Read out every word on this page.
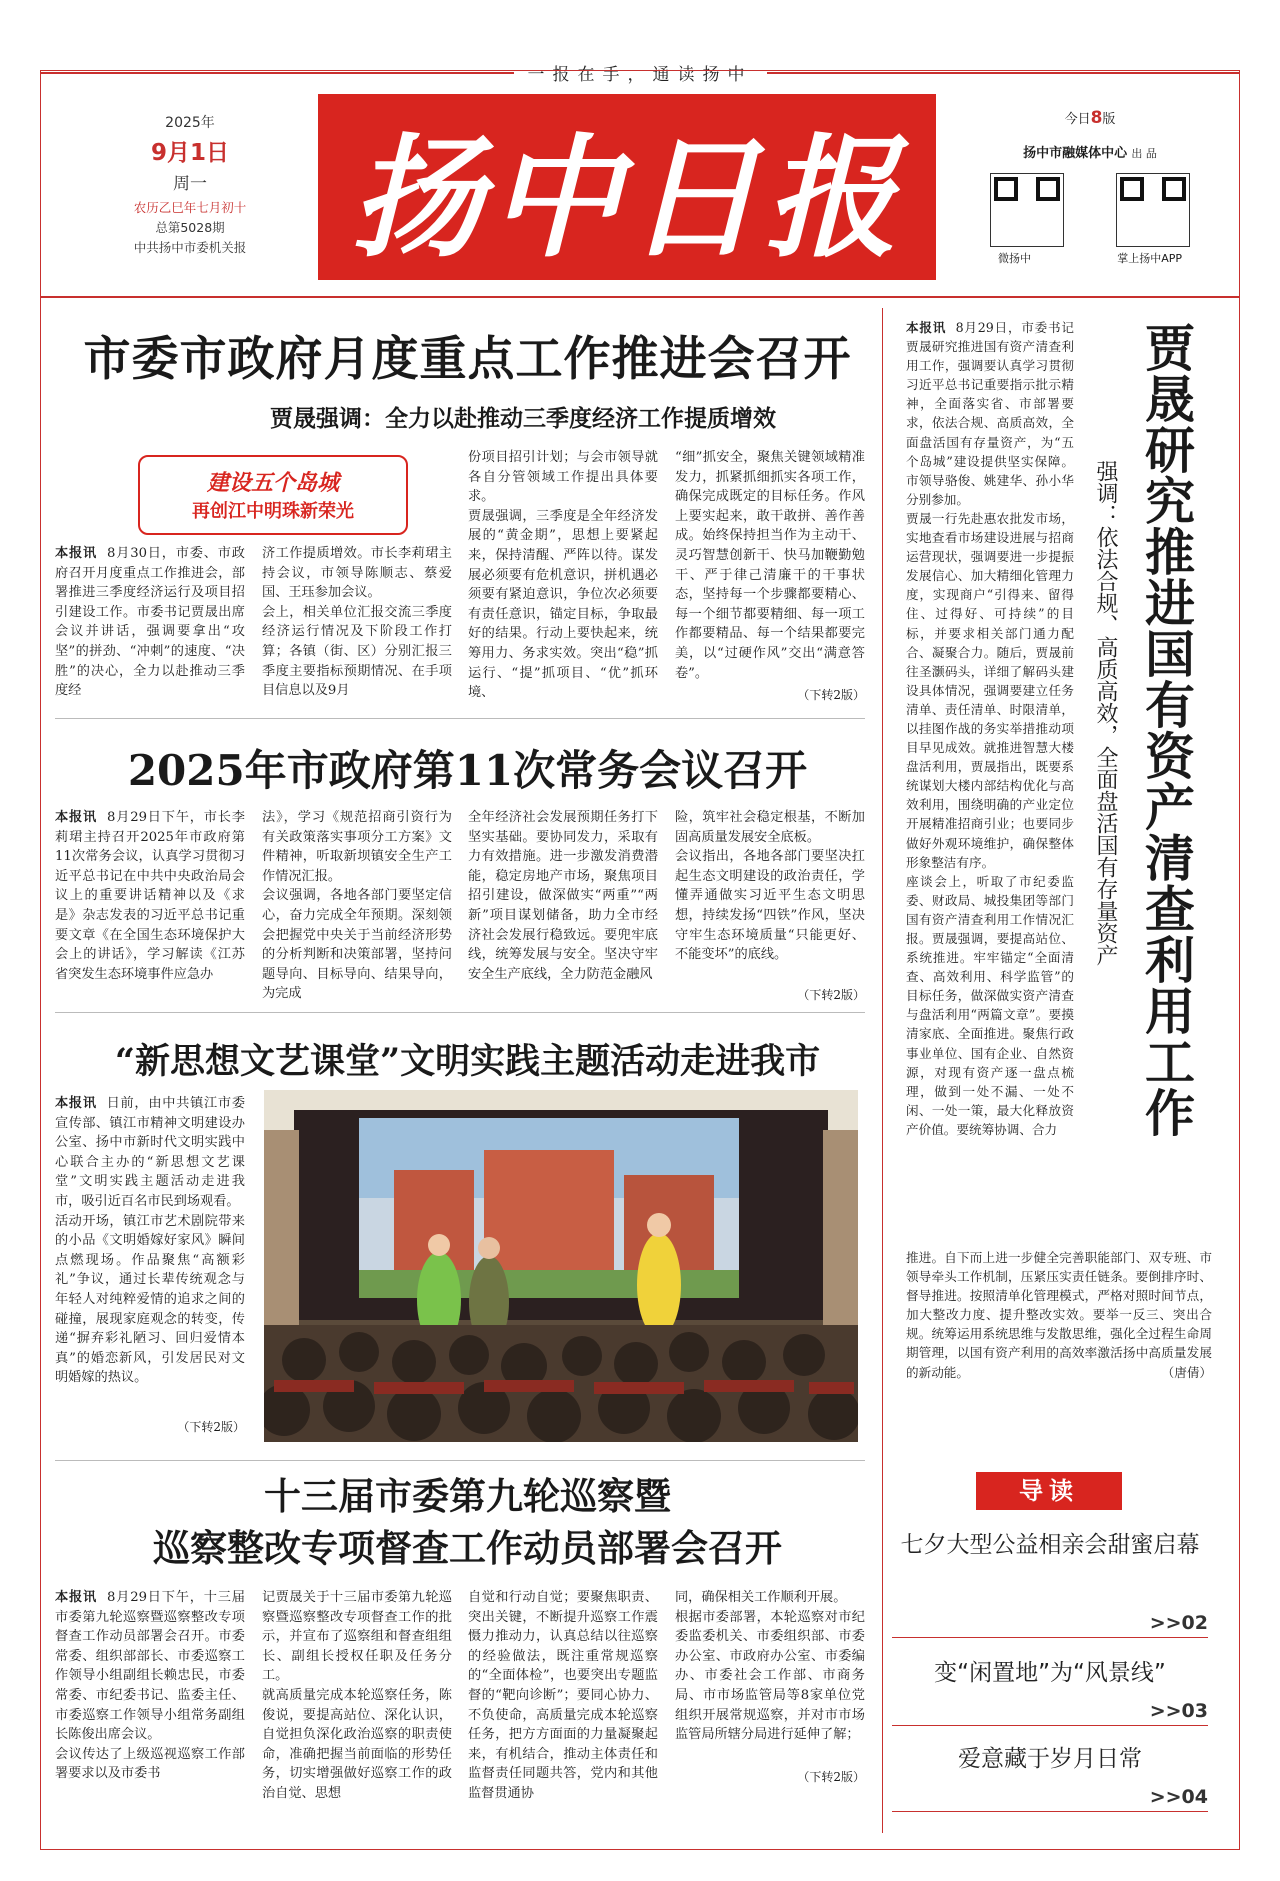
一报在手，通读扬中
2025年
9月1日
周一
农历乙巳年七月初十
总第5028期
中共扬中市委机关报 扬中日报
今日8版
扬中市融媒体中心 出 品
微扬中	掌上扬中APP
市委市政府月度重点工作推进会召开
贾晟强调：全力以赴推动三季度经济工作提质增效
建设五个岛城
再创江中明珠新荣光
本报讯 8月30日，市委、市政府召开月度重点工作推进会，部署推进三季度经济运行及项目招引建设工作。市委书记贾晟出席会议并讲话，强调要拿出“攻坚”的拼劲、“冲刺”的速度、“决胜”的决心，全力以赴推动三季度经
济工作提质增效。市长李莉珺主持会议，市领导陈顺志、蔡爱国、王珏参加会议。
会上，相关单位汇报交流三季度经济运行情况及下阶段工作打算；各镇（街、区）分别汇报三季度主要指标预期情况、在手项目信息以及9月
份项目招引计划；与会市领导就各自分管领域工作提出具体要求。
贾晟强调，三季度是全年经济发展的“黄金期”，思想上要紧起来，保持清醒、严阵以待。谋发展必须要有危机意识，拼机遇必须要有紧迫意识，争位次必须要有责任意识，锚定目标，争取最好的结果。行动上要快起来，统筹用力、务求实效。突出“稳”抓运行、“提”抓项目、“优”抓环境、
“细”抓安全，聚焦关键领域精准发力，抓紧抓细抓实各项工作，确保完成既定的目标任务。作风上要实起来，敢干敢拼、善作善成。始终保持担当作为主动干、灵巧智慧创新干、快马加鞭勤勉干、严于律己清廉干的干事状态，坚持每一个步骤都要精心、每一个细节都要精细、每一项工作都要精品、每一个结果都要完美，以“过硬作风”交出“满意答卷”。
（下转2版）
2025年市政府第11次常务会议召开
本报讯 8月29日下午，市长李莉珺主持召开2025年市政府第11次常务会议，认真学习贯彻习近平总书记在中共中央政治局会议上的重要讲话精神以及《求是》杂志发表的习近平总书记重要文章《在全国生态环境保护大会上的讲话》，学习解读《江苏省突发生态环境事件应急办
法》，学习《规范招商引资行为有关政策落实事项分工方案》文件精神，听取新坝镇安全生产工作情况汇报。
会议强调，各地各部门要坚定信心，奋力完成全年预期。深刻领会把握党中央关于当前经济形势的分析判断和决策部署，坚持问题导向、目标导向、结果导向，为完成
全年经济社会发展预期任务打下坚实基础。要协同发力，采取有力有效措施。进一步激发消费潜能，稳定房地产市场，聚焦项目招引建设，做深做实“两重”“两新”项目谋划储备，助力全市经济社会发展行稳致远。要兜牢底线，统筹发展与安全。坚决守牢安全生产底线，全力防范金融风
险，筑牢社会稳定根基，不断加固高质量发展安全底板。
会议指出，各地各部门要坚决扛起生态文明建设的政治责任，学懂弄通做实习近平生态文明思想，持续发扬“四铁”作风，坚决守牢生态环境质量“只能更好、不能变坏”的底线。
（下转2版）
“新思想文艺课堂”文明实践主题活动走进我市
本报讯 日前，由中共镇江市委宣传部、镇江市精神文明建设办公室、扬中市新时代文明实践中心联合主办的“新思想文艺课堂”文明实践主题活动走进我市，吸引近百名市民到场观看。
活动开场，镇江市艺术剧院带来的小品《文明婚嫁好家风》瞬间点燃现场。作品聚焦“高额彩礼”争议，通过长辈传统观念与年轻人对纯粹爱情的追求之间的碰撞，展现家庭观念的转变，传递“摒弃彩礼陋习、回归爱情本真”的婚恋新风，引发居民对文明婚嫁的热议。
（下转2版）
十三届市委第九轮巡察暨
巡察整改专项督查工作动员部署会召开
本报讯 8月29日下午，十三届市委第九轮巡察暨巡察整改专项督查工作动员部署会召开。市委常委、组织部部长、市委巡察工作领导小组副组长赖忠民，市委常委、市纪委书记、监委主任、市委巡察工作领导小组常务副组长陈俊出席会议。
会议传达了上级巡视巡察工作部署要求以及市委书
记贾晟关于十三届市委第九轮巡察暨巡察整改专项督查工作的批示，并宣布了巡察组和督查组组长、副组长授权任职及任务分工。
就高质量完成本轮巡察任务，陈俊说，要提高站位、深化认识，自觉担负深化政治巡察的职责使命，准确把握当前面临的形势任务，切实增强做好巡察工作的政治自觉、思想
自觉和行动自觉；要聚焦职责、突出关键，不断提升巡察工作震慑力推动力，认真总结以往巡察的经验做法，既注重常规巡察的“全面体检”，也要突出专题监督的“靶向诊断”；要同心协力、不负使命，高质量完成本轮巡察任务，把方方面面的力量凝聚起来，有机结合，推动主体责任和监督责任同题共答，党内和其他监督贯通协
同，确保相关工作顺利开展。
根据市委部署，本轮巡察对市纪委监委机关、市委组织部、市委办公室、市政府办公室、市委编办、市委社会工作部、市商务局、市市场监管局等8家单位党组织开展常规巡察，并对市市场监管局所辖分局进行延伸了解；
（下转2版）
贾晟研究推进国有资产清查利用工作
强调：依法合规、高质高效，全面盘活国有存量资产
本报讯 8月29日，市委书记贾晟研究推进国有资产清查利用工作，强调要认真学习贯彻习近平总书记重要指示批示精神，全面落实省、市部署要求，依法合规、高质高效，全面盘活国有存量资产，为“五个岛城”建设提供坚实保障。市领导骆俊、姚建华、孙小华分别参加。
贾晟一行先赴惠农批发市场，实地查看市场建设进展与招商运营现状，强调要进一步提振发展信心、加大精细化管理力度，实现商户“引得来、留得住、过得好、可持续”的目标，并要求相关部门通力配合、凝聚合力。随后，贾晟前往圣灏码头，详细了解码头建设具体情况，强调要建立任务清单、责任清单、时限清单，以挂图作战的务实举措推动项目早见成效。就推进智慧大楼盘活利用，贾晟指出，既要系统谋划大楼内部结构优化与高效利用，围绕明确的产业定位开展精准招商引业；也要同步做好外观环境维护，确保整体形象整洁有序。
座谈会上，听取了市纪委监委、财政局、城投集团等部门国有资产清查利用工作情况汇报。贾晟强调，要提高站位、系统推进。牢牢锚定“全面清查、高效利用、科学监管”的目标任务，做深做实资产清查与盘活利用“两篇文章”。要摸清家底、全面推进。聚焦行政事业单位、国有企业、自然资源，对现有资产逐一盘点梳理，做到一处不漏、一处不闲、一处一策，最大化释放资产价值。要统筹协调、合力
推进。自下而上进一步健全完善职能部门、双专班、市领导牵头工作机制，压紧压实责任链条。要倒排序时、督导推进。按照清单化管理模式，严格对照时间节点，加大整改力度、提升整改实效。要举一反三、突出合规。统筹运用系统思维与发散思维，强化全过程生命周期管理，以国有资产利用的高效率激活扬中高质量发展的新动能。	（唐倩）
导读
七夕大型公益相亲会甜蜜启幕
>>02
变“闲置地”为“风景线”
>>03
爱意藏于岁月日常
>>04
